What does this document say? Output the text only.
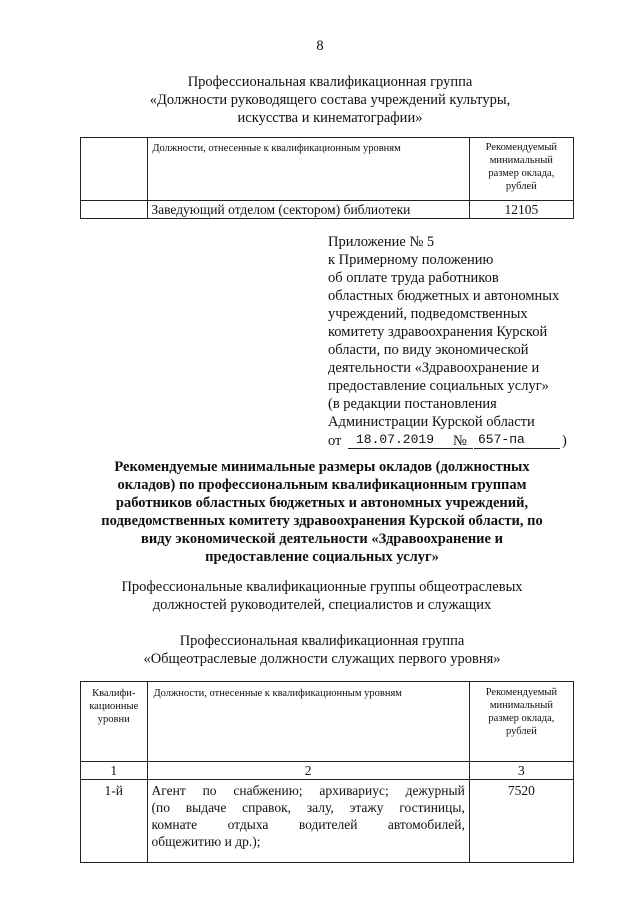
8
Профессиональная квалификационная группа
«Должности руководящего состава учреждений культуры,
искусства и кинематографии»
	Должности, отнесенные к квалификационным уровням	Рекомендуемый
минимальный
размер оклада,
рублей

	Заведующий отделом (сектором) библиотеки	12105
Приложение № 5
к Примерному положению
об оплате труда работников
областных бюджетных и автономных
учреждений, подведомственных
комитету здравоохранения Курской
области, по виду экономической
деятельности «Здравоохранение и
предоставление социальных услуг»
(в редакции постановления
Администрации Курской области
от 18.07.2019 № 657-па	)
Рекомендуемые минимальные размеры окладов (должностных
окладов) по профессиональным квалификационным группам
работников областных бюджетных и автономных учреждений,
подведомственных комитету здравоохранения Курской области, по
виду экономической деятельности «Здравоохранение и
предоставление социальных услуг»
Профессиональные квалификационные группы общеотраслевых
должностей руководителей, специалистов и служащих
Профессиональная квалификационная группа
«Общеотраслевые должности служащих первого уровня»
Квалифи-
кационные
уровни	Должности, отнесенные к квалификационным уровням	Рекомендуемый
минимальный
размер оклада,
рублей

1	2	3
1-й	Агент по снабжению; архивариус; дежурный
(по выдаче справок, залу, этажу гостиницы,
комнате отдыха водителей автомобилей,
общежитию и др.);	7520
